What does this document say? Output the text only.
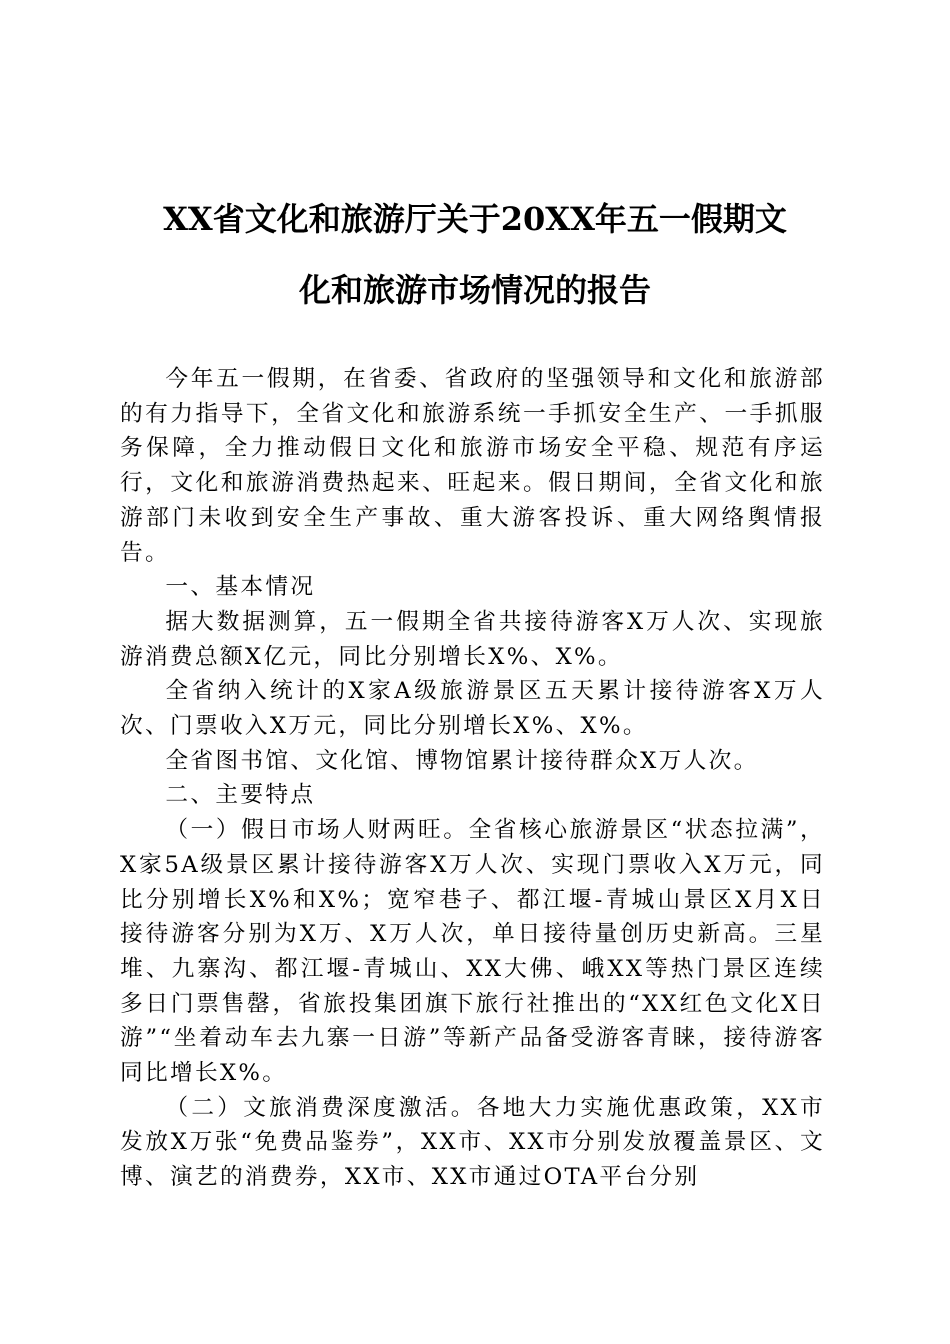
XX省文化和旅游厅关于20XX年五一假期文
化和旅游市场情况的报告

今年五一假期，在省委、省政府的坚强领导和文化和旅游部的有力指导下，全省文化和旅游系统一手抓安全生产、一手抓服务保障，全力推动假日文化和旅游市场安全平稳、规范有序运行，文化和旅游消费热起来、旺起来。假日期间，全省文化和旅游部门未收到安全生产事故、重大游客投诉、重大网络舆情报告。

一、基本情况

据大数据测算，五一假期全省共接待游客X万人次、实现旅游消费总额X亿元，同比分别增长X%、X%。

全省纳入统计的X家A级旅游景区五天累计接待游客X万人次、门票收入X万元，同比分别增长X%、X%。

全省图书馆、文化馆、博物馆累计接待群众X万人次。

二、主要特点

（一）假日市场人财两旺。全省核心旅游景区“状态拉满”，X家5A级景区累计接待游客X万人次、实现门票收入X万元，同比分别增长X%和X%；宽窄巷子、都江堰-青城山景区X月X日接待游客分别为X万、X万人次，单日接待量创历史新高。三星堆、九寨沟、都江堰-青城山、XX大佛、峨XX等热门景区连续多日门票售罄，省旅投集团旗下旅行社推出的“XX红色文化X日游”“坐着动车去九寨一日游”等新产品备受游客青睐，接待游客同比增长X%。

（二）文旅消费深度激活。各地大力实施优惠政策，XX市发放X万张“免费品鉴券”，XX市、XX市分别发放覆盖景区、文博、演艺的消费券，XX市、XX市通过OTA平台分别
